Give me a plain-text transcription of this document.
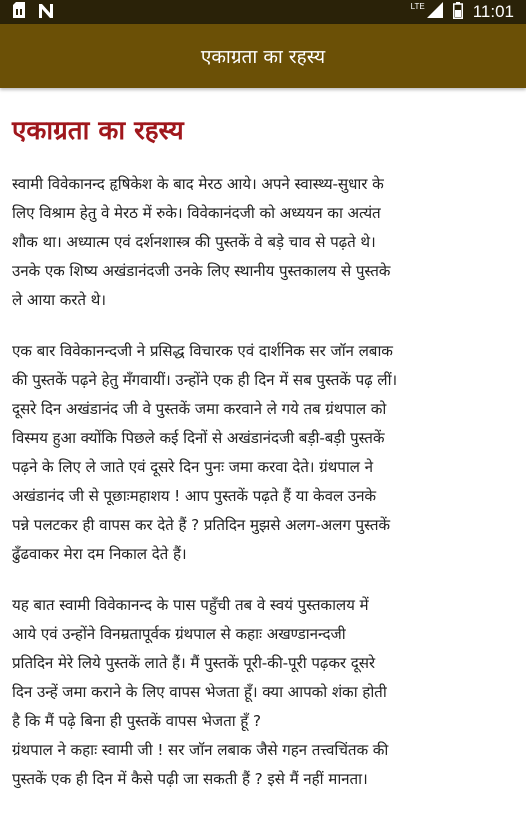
LTE	11:01
एकाग्रता का रहस्य
एकाग्रता का रहस्य
स्वामी विवेकानन्द हृषिकेश के बाद मेरठ आये। अपने स्वास्थ्य-सुधार के
लिए विश्राम हेतु वे मेरठ में रुके। विवेकानंदजी को अध्ययन का अत्यंत
शौक था। अध्यात्म एवं दर्शनशास्त्र की पुस्तकें वे बड़े चाव से पढ़ते थे।
उनके एक शिष्य अखंडानंदजी उनके लिए स्थानीय पुस्तकालय से पुस्तके
ले आया करते थे।
एक बार विवेकानन्दजी ने प्रसिद्ध विचारक एवं दार्शनिक सर जॉन लबाक
की पुस्तकें पढ़ने हेतु मँगवायीं। उन्होंने एक ही दिन में सब पुस्तकें पढ़ लीं।
दूसरे दिन अखंडानंद जी वे पुस्तकें जमा करवाने ले गये तब ग्रंथपाल को
विस्मय हुआ क्योंकि पिछले कई दिनों से अखंडानंदजी बड़ी-बड़ी पुस्तकें
पढ़ने के लिए ले जाते एवं दूसरे दिन पुनः जमा करवा देते। ग्रंथपाल ने
अखंडानंद जी से पूछाःमहाशय ! आप पुस्तकें पढ़ते हैं या केवल उनके
पन्ने पलटकर ही वापस कर देते हैं ? प्रतिदिन मुझसे अलग-अलग पुस्तकें
ढुँढवाकर मेरा दम निकाल देते हैं।
यह बात स्वामी विवेकानन्द के पास पहुँची तब वे स्वयं पुस्तकालय में
आये एवं उन्होंने विनम्रतापूर्वक ग्रंथपाल से कहाः अखण्डानन्दजी
प्रतिदिन मेरे लिये पुस्तकें लाते हैं। मैं पुस्तकें पूरी-की-पूरी पढ़कर दूसरे
दिन उन्हें जमा कराने के लिए वापस भेजता हूँ। क्या आपको शंका होती
है कि मैं पढ़े बिना ही पुस्तकें वापस भेजता हूँ ?
ग्रंथपाल ने कहाः स्वामी जी ! सर जॉन लबाक जैसे गहन तत्त्वचिंतक की
पुस्तकें एक ही दिन में कैसे पढ़ी जा सकती हैं ? इसे मैं नहीं मानता।
